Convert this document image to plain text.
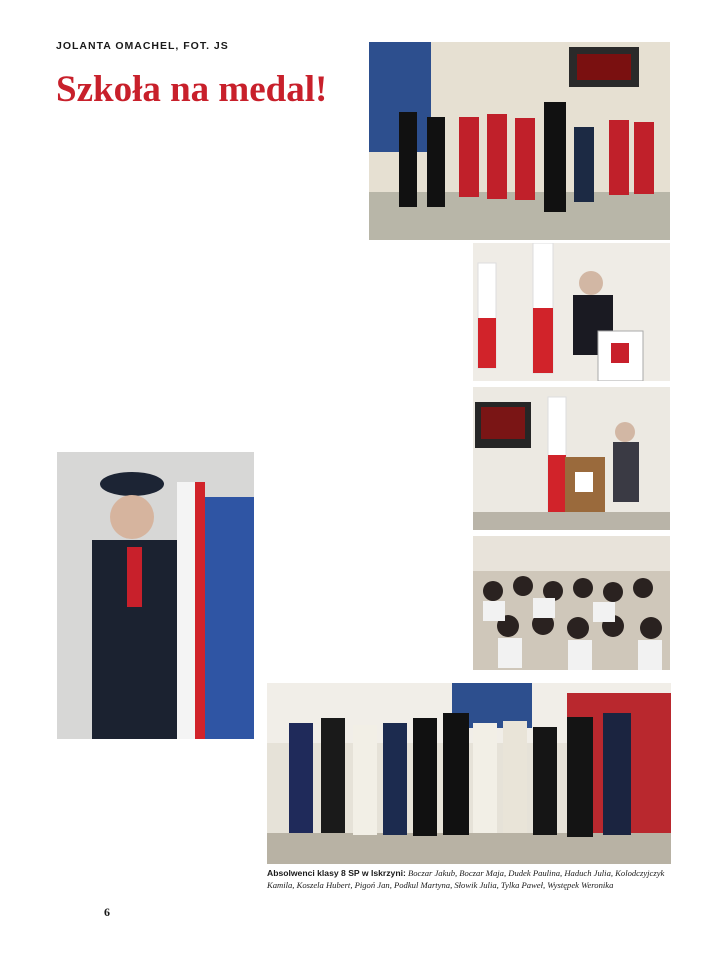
JOLANTA OMACHEL, FOT. JS
Szkoła na medal!
Absolwenci klasy 8 SP w Iskrzyni: Boczar Jakub, Boczar Maja, Dudek Paulina, Haduch Julia, Kolodczyjczyk Kamila, Koszela Hubert, Pigoń Jan, Podkul Martyna, Słowik Julia, Tylka Paweł, Występek Weronika
6
